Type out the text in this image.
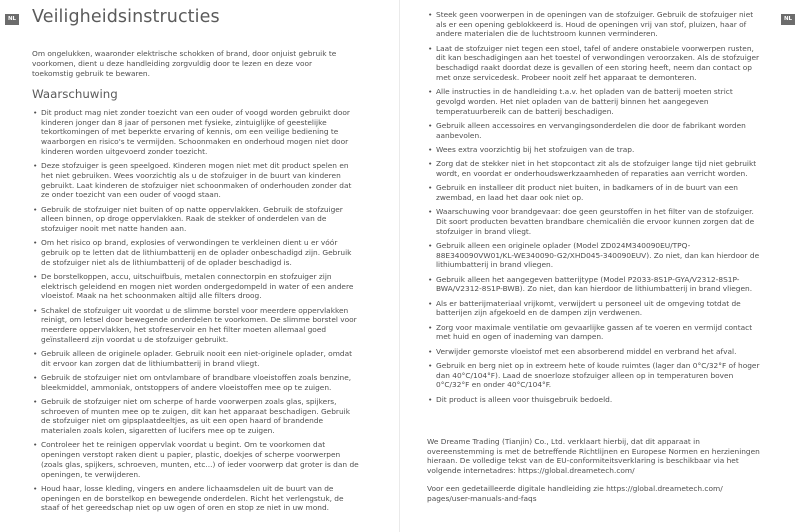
NL Veiligheidsinstructies

Om ongelukken, waaronder elektrische schokken of brand, door onjuist gebruik te voorkomen, dient u deze handleiding zorgvuldig door te lezen en deze voor toekomstig gebruik te bewaren.

Waarschuwing
• Dit product mag niet zonder toezicht van een ouder of voogd worden gebruikt door kinderen jonger dan 8 jaar of personen met fysieke, zintuiglijke of geestelijke tekortkomingen of met beperkte ervaring of kennis, om een veilige bediening te waarborgen en risico's te vermijden. Schoonmaken en onderhoud mogen niet door kinderen worden uitgevoerd zonder toezicht.
• Deze stofzuiger is geen speelgoed. Kinderen mogen niet met dit product spelen en het niet gebruiken. Wees voorzichtig als u de stofzuiger in de buurt van kinderen gebruikt. Laat kinderen de stofzuiger niet schoonmaken of onderhouden zonder dat ze onder toezicht van een ouder of voogd staan.
• Gebruik de stofzuiger niet buiten of op natte oppervlakken. Gebruik de stofzuiger alleen binnen, op droge oppervlakken. Raak de stekker of onderdelen van de stofzuiger nooit met natte handen aan.
• Om het risico op brand, explosies of verwondingen te verkleinen dient u er vóór gebruik op te letten dat de lithiumbatterij en de oplader onbeschadigd zijn. Gebruik de stofzuiger niet als de lithiumbatterij of de oplader beschadigd is.
• De borstelkoppen, accu, uitschuifbuis, metalen connectorpin en stofzuiger zijn elektrisch geleidend en mogen niet worden ondergedompeld in water of een andere vloeistof. Maak na het schoonmaken altijd alle filters droog.
• Schakel de stofzuiger uit voordat u de slimme borstel voor meerdere oppervlakken reinigt, om letsel door bewegende onderdelen te voorkomen. De slimme borstel voor meerdere oppervlakken, het stofreservoir en het filter moeten allemaal goed geïnstalleerd zijn voordat u de stofzuiger gebruikt.
• Gebruik alleen de originele oplader. Gebruik nooit een niet-originele oplader, omdat dit ervoor kan zorgen dat de lithiumbatterij in brand vliegt.
• Gebruik de stofzuiger niet om ontvlambare of brandbare vloeistoffen zoals benzine, bleekmiddel, ammoniak, ontstoppers of andere vloeistoffen mee op te zuigen.
• Gebruik de stofzuiger niet om scherpe of harde voorwerpen zoals glas, spijkers, schroeven of munten mee op te zuigen, dit kan het apparaat beschadigen. Gebruik de stofzuiger niet om gipsplaatdeeltjes, as uit een open haard of brandende materialen zoals kolen, sigaretten of lucifers mee op te zuigen.
• Controleer het te reinigen oppervlak voordat u begint. Om te voorkomen dat openingen verstopt raken dient u papier, plastic, doekjes of scherpe voorwerpen (zoals glas, spijkers, schroeven, munten, etc...) of ieder voorwerp dat groter is dan de openingen, te verwijderen.
• Houd haar, losse kleding, vingers en andere lichaamsdelen uit de buurt van de openingen en de borstelkop en bewegende onderdelen. Richt het verlengstuk, de staaf of het gereedschap niet op uw ogen of oren en stop ze niet in uw mond.
NL
• Steek geen voorwerpen in de openingen van de stofzuiger. Gebruik de stofzuiger niet als er een opening geblokkeerd is. Houd de openingen vrij van stof, pluizen, haar of andere materialen die de luchtstroom kunnen verminderen.
• Laat de stofzuiger niet tegen een stoel, tafel of andere onstabiele voorwerpen rusten, dit kan beschadigingen aan het toestel of verwondingen veroorzaken. Als de stofzuiger beschadigd raakt doordat deze is gevallen of een storing heeft, neem dan contact op met onze servicedesk. Probeer nooit zelf het apparaat te demonteren.
• Alle instructies in de handleiding t.a.v. het opladen van de batterij moeten strict gevolgd worden. Het niet opladen van de batterij binnen het aangegeven temperatuurbereik can de batterij beschadigen.
• Gebruik alleen accessoires en vervangingsonderdelen die door de fabrikant worden aanbevolen.
• Wees extra voorzichtig bij het stofzuigen van de trap.
• Zorg dat de stekker niet in het stopcontact zit als de stofzuiger lange tijd niet gebruikt wordt, en voordat er onderhoudswerkzaamheden of reparaties aan verricht worden.
• Gebruik en installeer dit product niet buiten, in badkamers of in de buurt van een zwembad, en laad het daar ook niet op.
• Waarschuwing voor brandgevaar: doe geen geurstoffen in het filter van de stofzuiger. Dit soort producten bevatten brandbare chemicaliën die ervoor kunnen zorgen dat de stofzuiger in brand vliegt.
• Gebruik alleen een originele oplader (Model ZD024M340090EU/TPQ-88E340090VW01/KL-WE340090-G2/XHD045-340090EUV). Zo niet, dan kan hierdoor de lithiumbatterij in brand vliegen.
• Gebruik alleen het aangegeven batterijtype (Model P2033-8S1P-GYA/V2312-8S1P-BWA/V2312-8S1P-BWB). Zo niet, dan kan hierdoor de lithiumbatterij in brand vliegen.
• Als er batterijmateriaal vrijkomt, verwijdert u personeel uit de omgeving totdat de batterijen zijn afgekoeld en de dampen zijn verdwenen.
• Zorg voor maximale ventilatie om gevaarlijke gassen af te voeren en vermijd contact met huid en ogen of inademing van dampen.
• Verwijder gemorste vloeistof met een absorberend middel en verbrand het afval.
• Gebruik en berg niet op in extreem hete of koude ruimtes (lager dan 0°C/32°F of hoger dan 40°C/104°F). Laad de snoerloze stofzuiger alleen op in temperaturen boven 0°C/32°F en onder 40°C/104°F.
• Dit product is alleen voor thuisgebruik bedoeld.

We Dreame Trading (Tianjin) Co., Ltd. verklaart hierbij, dat dit apparaat in overeenstemming is met de betreffende Richtlijnen en Europese Normen en herzieningen hieraan. De volledige tekst van de EU-conformiteitsverklaring is beschikbaar via het volgende internetadres: https://global.dreametech.com/

Voor een gedetailleerde digitale handleiding zie https://global.dreametech.com/ pages/user-manuals-and-faqs
